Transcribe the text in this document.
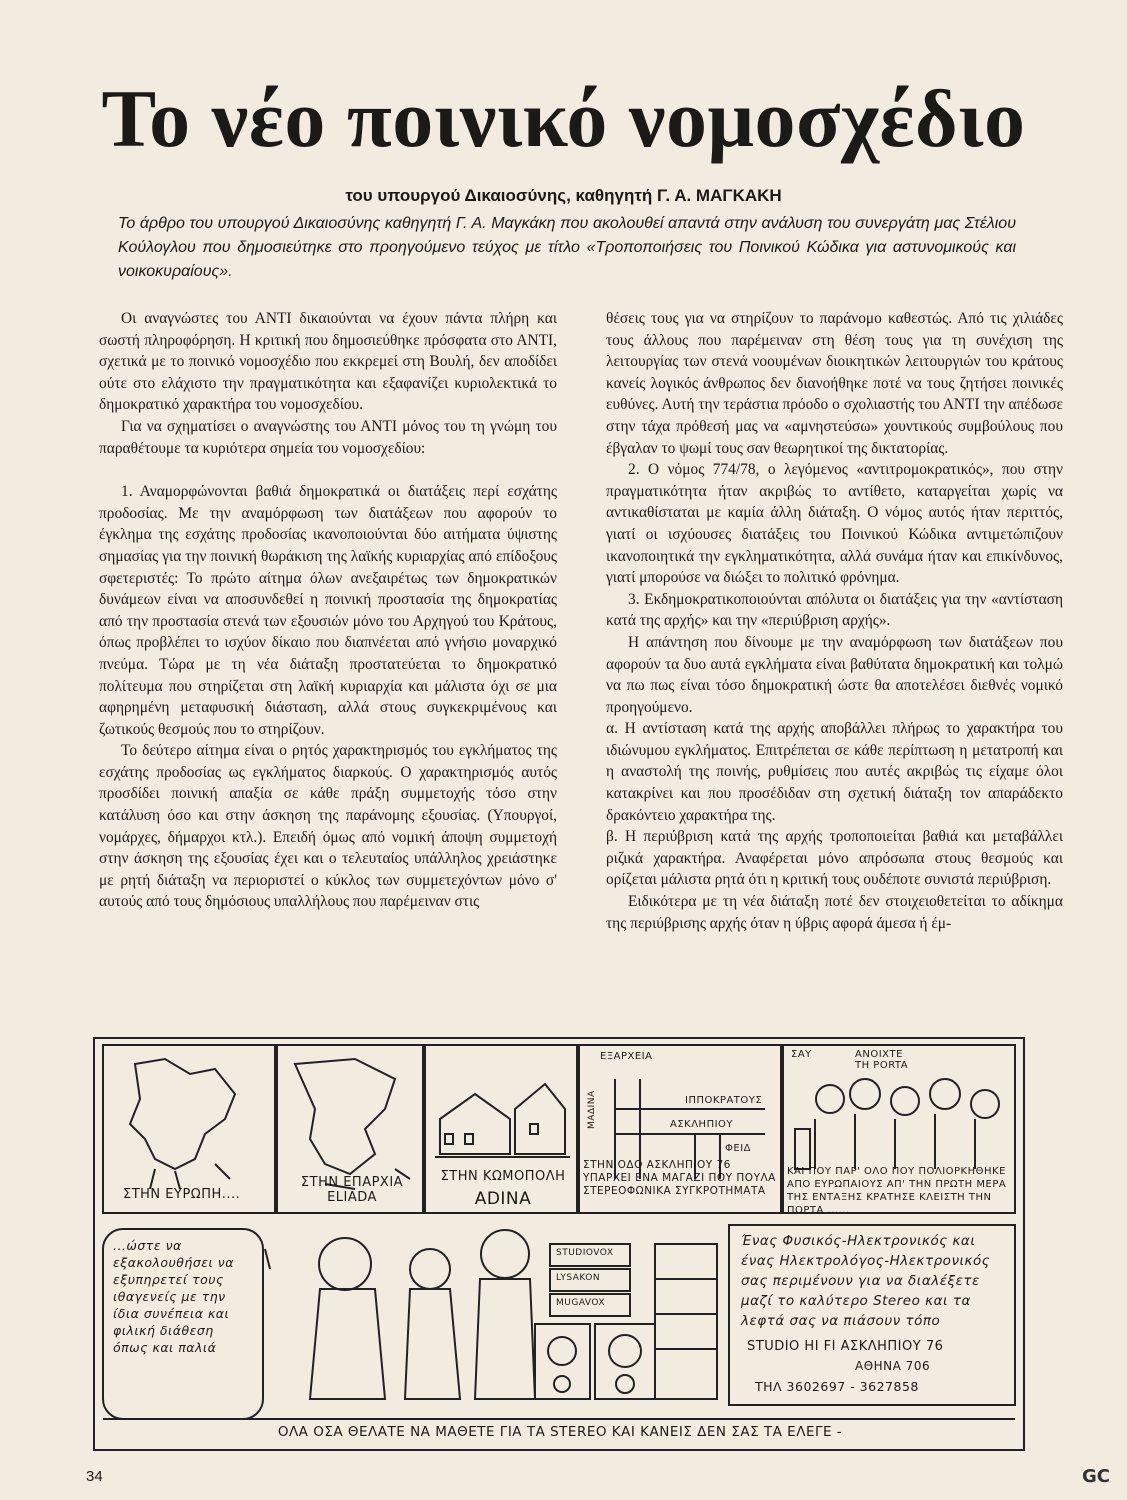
Το νέο ποινικό νομοσχέδιο
του υπουργού Δικαιοσύνης, καθηγητή Γ. Α. ΜΑΓΚΑΚΗ
Το άρθρο του υπουργού Δικαιοσύνης καθηγητή Γ. Α. Μαγκάκη που ακολουθεί απαντά στην ανάλυση του συνεργάτη μας Στέλιου Κούλογλου που δημοσιεύτηκε στο προηγούμενο τεύχος με τίτλο «Τροποποιήσεις του Ποινικού Κώδικα για αστυνομικούς και νοικοκυραίους».

Οι αναγνώστες του ΑΝΤΙ δικαιούνται να έχουν πάντα πλήρη και σωστή πληροφόρηση. Η κριτική που δημοσιεύθηκε πρόσφατα στο ΑΝΤΙ, σχετικά με το ποινικό νομοσχέδιο που εκκρεμεί στη Βουλή, δεν αποδίδει ούτε στο ελάχιστο την πραγματικότητα και εξαφανίζει κυριολεκτικά το δημοκρατικό χαρακτήρα του νομοσχεδίου.

Για να σχηματίσει ο αναγνώστης του ΑΝΤΙ μόνος του τη γνώμη του παραθέτουμε τα κυριότερα σημεία του νομοσχεδίου:

1. Αναμορφώνονται βαθιά δημοκρατικά οι διατάξεις περί εσχάτης προδοσίας. Με την αναμόρφωση των διατάξεων που αφορούν το έγκλημα της εσχάτης προδοσίας ικανοποιούνται δύο αιτήματα ύψιστης σημασίας για την ποινική θωράκιση της λαϊκής κυριαρχίας από επίδοξους σφετεριστές: Το πρώτο αίτημα όλων ανεξαιρέτως των δημοκρατικών δυνάμεων είναι να αποσυνδεθεί η ποινική προστασία της δημοκρατίας από την προστασία στενά των εξουσιών μόνο του Αρχηγού του Κράτους, όπως προβλέπει το ισχύον δίκαιο που διαπνέεται από γνήσιο μοναρχικό πνεύμα. Τώρα με τη νέα διάταξη προστατεύεται το δημοκρατικό πολίτευμα που στηρίζεται στη λαϊκή κυριαρχία και μάλιστα όχι σε μια αφηρημένη μεταφυσική διάσταση, αλλά στους συγκεκριμένους και ζωτικούς θεσμούς που το στηρίζουν.

Το δεύτερο αίτημα είναι ο ρητός χαρακτηρισμός του εγκλήματος της εσχάτης προδοσίας ως εγκλήματος διαρκούς. Ο χαρακτηρισμός αυτός προσδίδει ποινική απαξία σε κάθε πράξη συμμετοχής τόσο στην κατάλυση όσο και στην άσκηση της παράνομης εξουσίας. (Υπουργοί, νομάρχες, δήμαρχοι κτλ.). Επειδή όμως από νομική άποψη συμμετοχή στην άσκηση της εξουσίας έχει και ο τελευταίος υπάλληλος χρειάστηκε με ρητή διάταξη να περιοριστεί ο κύκλος των συμμετεχόντων μόνο σ' αυτούς από τους δημόσιους υπαλλήλους που παρέμειναν στις

θέσεις τους για να στηρίζουν το παράνομο καθεστώς. Από τις χιλιάδες τους άλλους που παρέμειναν στη θέση τους για τη συνέχιση της λειτουργίας των στενά νοουμένων διοικητικών λειτουργιών του κράτους κανείς λογικός άνθρωπος δεν διανοήθηκε ποτέ να τους ζητήσει ποινικές ευθύνες. Αυτή την τεράστια πρόοδο ο σχολιαστής του ΑΝΤΙ την απέδωσε στην τάχα πρόθεσή μας να «αμνηστεύσω» χουντικούς συμβούλους που έβγαλαν το ψωμί τους σαν θεωρητικοί της δικτατορίας.

2. Ο νόμος 774/78, ο λεγόμενος «αντιτρομοκρατικός», που στην πραγματικότητα ήταν ακριβώς το αντίθετο, καταργείται χωρίς να αντικαθίσταται με καμία άλλη διάταξη. Ο νόμος αυτός ήταν περιττός, γιατί οι ισχύουσες διατάξεις του Ποινικού Κώδικα αντιμετώπιζουν ικανοποιητικά την εγκληματικότητα, αλλά συνάμα ήταν και επικίνδυνος, γιατί μπορούσε να διώξει το πολιτικό φρόνημα.

3. Εκδημοκρατικοποιούνται απόλυτα οι διατάξεις για την «αντίσταση κατά της αρχής» και την «περιύβριση αρχής».

Η απάντηση που δίνουμε με την αναμόρφωση των διατάξεων που αφορούν τα δυο αυτά εγκλήματα είναι βαθύτατα δημοκρατική και τολμώ να πω πως είναι τόσο δημοκρατική ώστε θα αποτελέσει διεθνές νομικό προηγούμενο.

α. Η αντίσταση κατά της αρχής αποβάλλει πλήρως το χαρακτήρα του ιδιώνυμου εγκλήματος. Επιτρέπεται σε κάθε περίπτωση η μετατροπή και η αναστολή της ποινής, ρυθμίσεις που αυτές ακριβώς τις είχαμε όλοι κατακρίνει και που προσέδιδαν στη σχετική διάταξη τον απαράδεκτο δρακόντειο χαρακτήρα της.

β. Η περιύβριση κατά της αρχής τροποποιείται βαθιά και μεταβάλλει ριζικά χαρακτήρα. Αναφέρεται μόνο απρόσωπα στους θεσμούς και ορίζεται μάλιστα ρητά ότι η κριτική τους ουδέποτε συνιστά περιύβριση.

Ειδικότερα με τη νέα διάταξη ποτέ δεν στοιχειοθετείται το αδίκημα της περιύβρισης αρχής όταν η ύβρις αφορά άμεσα ή έμ-

ΣΤΗΝ ΕΥΡΩΠΗ....
ΣΤΗΝ ΕΠΑΡΧΙΑ ΕLIADA
ΣΤΗΝ ΚΩΜΟΠΟΛΗ
ADINA
ΕΞΑΡΧΕΙΑ
ΙΠΠΟΚΡΑΤΟΥΣ
ΑΣΚΛΗΠΙΟΥ
ΦΕΙΔ
ΜΑΔΙΝΑ
ΣΤΗΝ ΟΔΟ ΑΣΚΛΗΠΙΟΥ 76 ΥΠΑΡΧΕΙ ΕΝΑ ΜΑΓΑΖΙ ΠΟΥ ΠΟΥΛΑ ΣΤΕΡΕΟΦΩΝΙΚΑ ΣΥΓΚΡΟΤΗΜΑΤΑ
ΣΑΥ	ΑΝΟΙΧΤΕ ΤΗ PORTA
ΚΑΙ ΠΟΥ ΠΑΡ' ΟΛΟ ΠΟΥ ΠΟΛΙΟΡΚΗΘΗΚΕ ΑΠΟ ΕΥΡΩΠΑΙΟΥΣ ΑΠ' ΤΗΝ ΠΡΩΤΗ ΜΕΡΑ ΤΗΣ ΕΝΤΑΞΗΣ ΚΡΑΤΗΣΕ ΚΛΕΙΣΤΗ ΤΗΝ ΠΟΡΤΑ ......
...ώστε να εξακολουθήσει να εξυπηρετεί τους ιθαγενείς με την ίδια συνέπεια και φιλική διάθεση όπως και παλιά
STUDIOVOX
LYSAKON
MUGAVOX
Ένας Φυσικός-Ηλεκτρονικός και ένας Ηλεκτρολόγος-Ηλεκτρονικός σας περιμένουν για να διαλέξετε μαζί το καλύτερο Stereo και τα λεφτά σας να πιάσουν τόπο
STUDIO HI FI ΑΣΚΛΗΠΙΟΥ 76
ΑΘΗΝΑ 706
ΤΗΛ 3602697 - 3627858
ΟΛΑ ΟΣΑ ΘΕΛΑΤΕ ΝΑ ΜΑΘΕΤΕ ΓΙΑ ΤΑ STEREO ΚΑΙ ΚΑΝΕΙΣ ΔΕΝ ΣΑΣ ΤΑ ΕΛΕΓΕ -
34	GC
